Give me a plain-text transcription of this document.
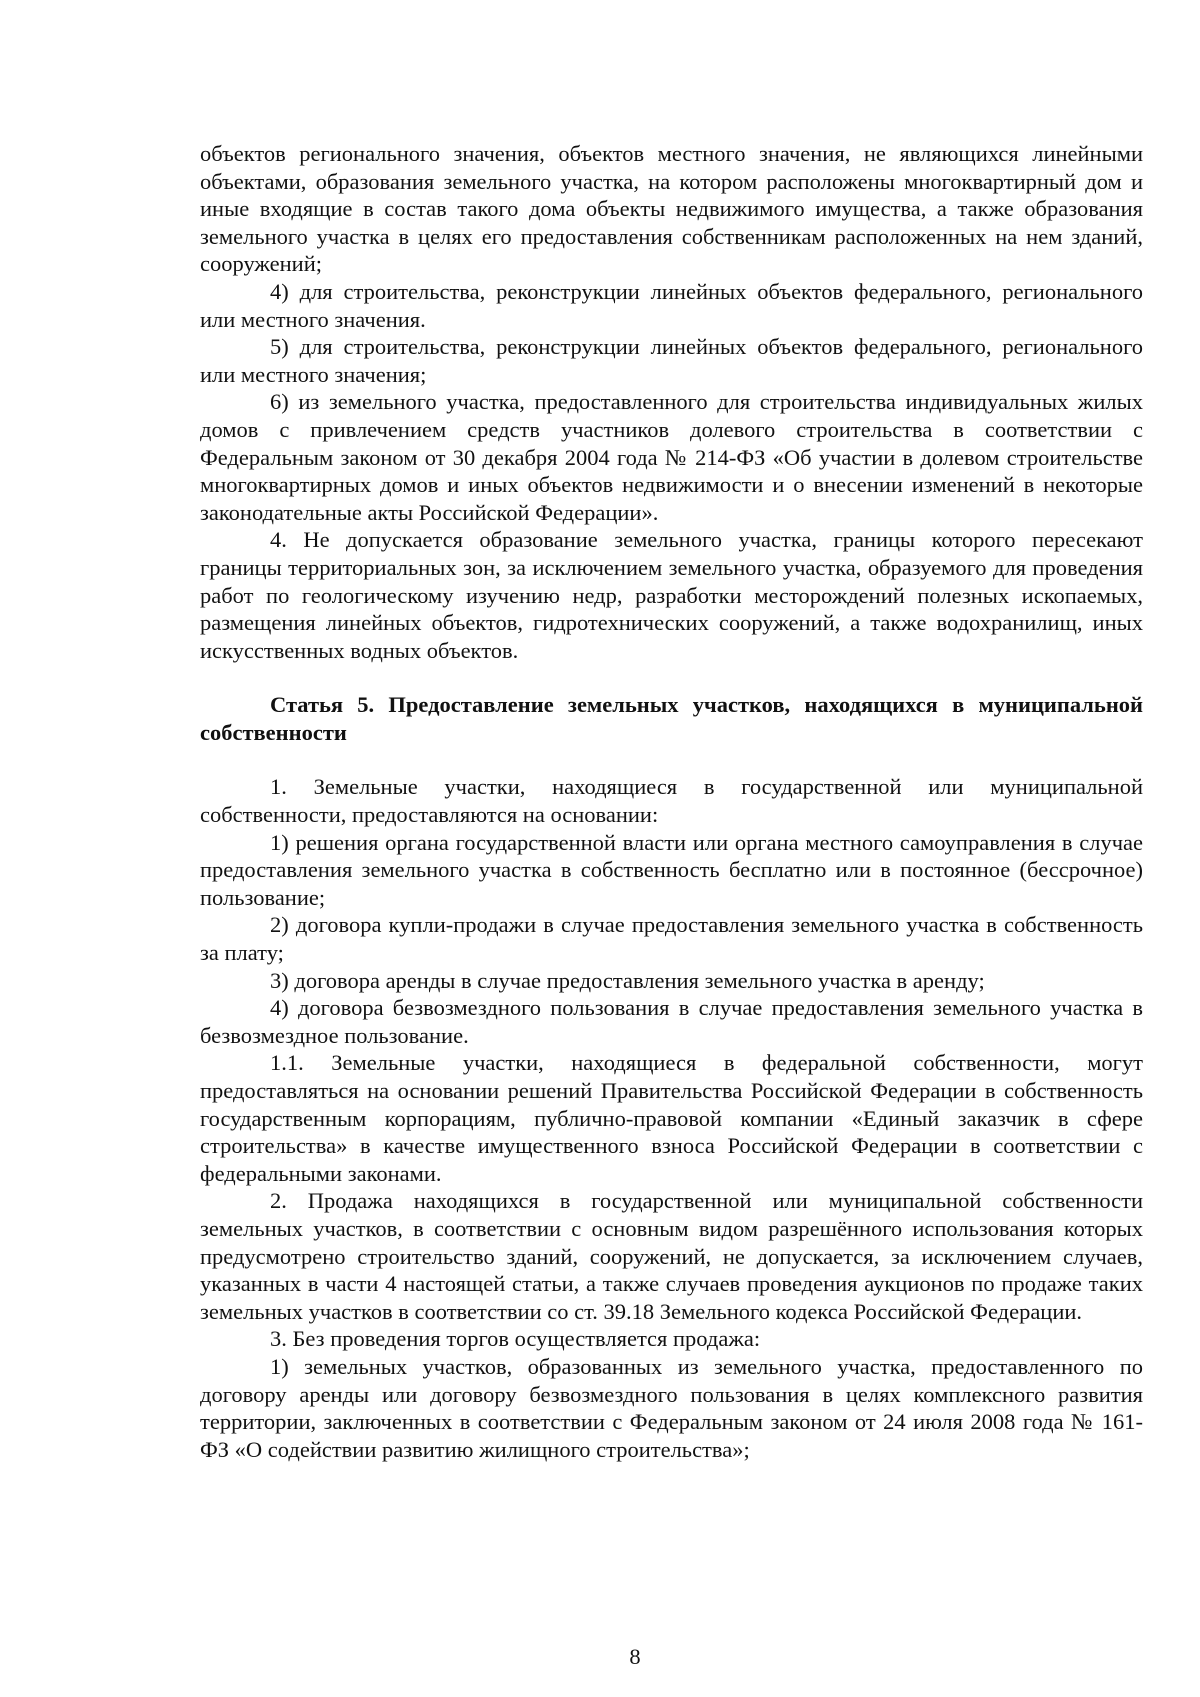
объектов регионального значения, объектов местного значения, не являющихся линейными объектами, образования земельного участка, на котором расположены многоквартирный дом и иные входящие в состав такого дома объекты недвижимого имущества, а также образования земельного участка в целях его предоставления собственникам расположенных на нем зданий, сооружений;

4) для строительства, реконструкции линейных объектов федерального, регионального или местного значения.

5) для строительства, реконструкции линейных объектов федерального, регионального или местного значения;

6) из земельного участка, предоставленного для строительства индивидуальных жилых домов с привлечением средств участников долевого строительства в соответствии с Федеральным законом от 30 декабря 2004 года № 214-ФЗ «Об участии в долевом строительстве многоквартирных домов и иных объектов недвижимости и о внесении изменений в некоторые законодательные акты Российской Федерации».

4. Не допускается образование земельного участка, границы которого пересекают границы территориальных зон, за исключением земельного участка, образуемого для проведения работ по геологическому изучению недр, разработки месторождений полезных ископаемых, размещения линейных объектов, гидротехнических сооружений, а также водохранилищ, иных искусственных водных объектов.

Статья 5. Предоставление земельных участков, находящихся в муниципальной собственности

1. Земельные участки, находящиеся в государственной или муниципальной собственности, предоставляются на основании:

1) решения органа государственной власти или органа местного самоуправления в случае предоставления земельного участка в собственность бесплатно или в постоянное (бессрочное) пользование;

2) договора купли-продажи в случае предоставления земельного участка в собственность за плату;

3) договора аренды в случае предоставления земельного участка в аренду;

4) договора безвозмездного пользования в случае предоставления земельного участка в безвозмездное пользование.

1.1. Земельные участки, находящиеся в федеральной собственности, могут предоставляться на основании решений Правительства Российской Федерации в собственность государственным корпорациям, публично-правовой компании «Единый заказчик в сфере строительства» в качестве имущественного взноса Российской Федерации в соответствии с федеральными законами.

2. Продажа находящихся в государственной или муниципальной собственности земельных участков, в соответствии с основным видом разрешённого использования которых предусмотрено строительство зданий, сооружений, не допускается, за исключением случаев, указанных в части 4 настоящей статьи, а также случаев проведения аукционов по продаже таких земельных участков в соответствии со ст. 39.18 Земельного кодекса Российской Федерации.

3. Без проведения торгов осуществляется продажа:

1) земельных участков, образованных из земельного участка, предоставленного по договору аренды или договору безвозмездного пользования в целях комплексного развития территории, заключенных в соответствии с Федеральным законом от 24 июля 2008 года № 161-ФЗ «О содействии развитию жилищного строительства»;

8
